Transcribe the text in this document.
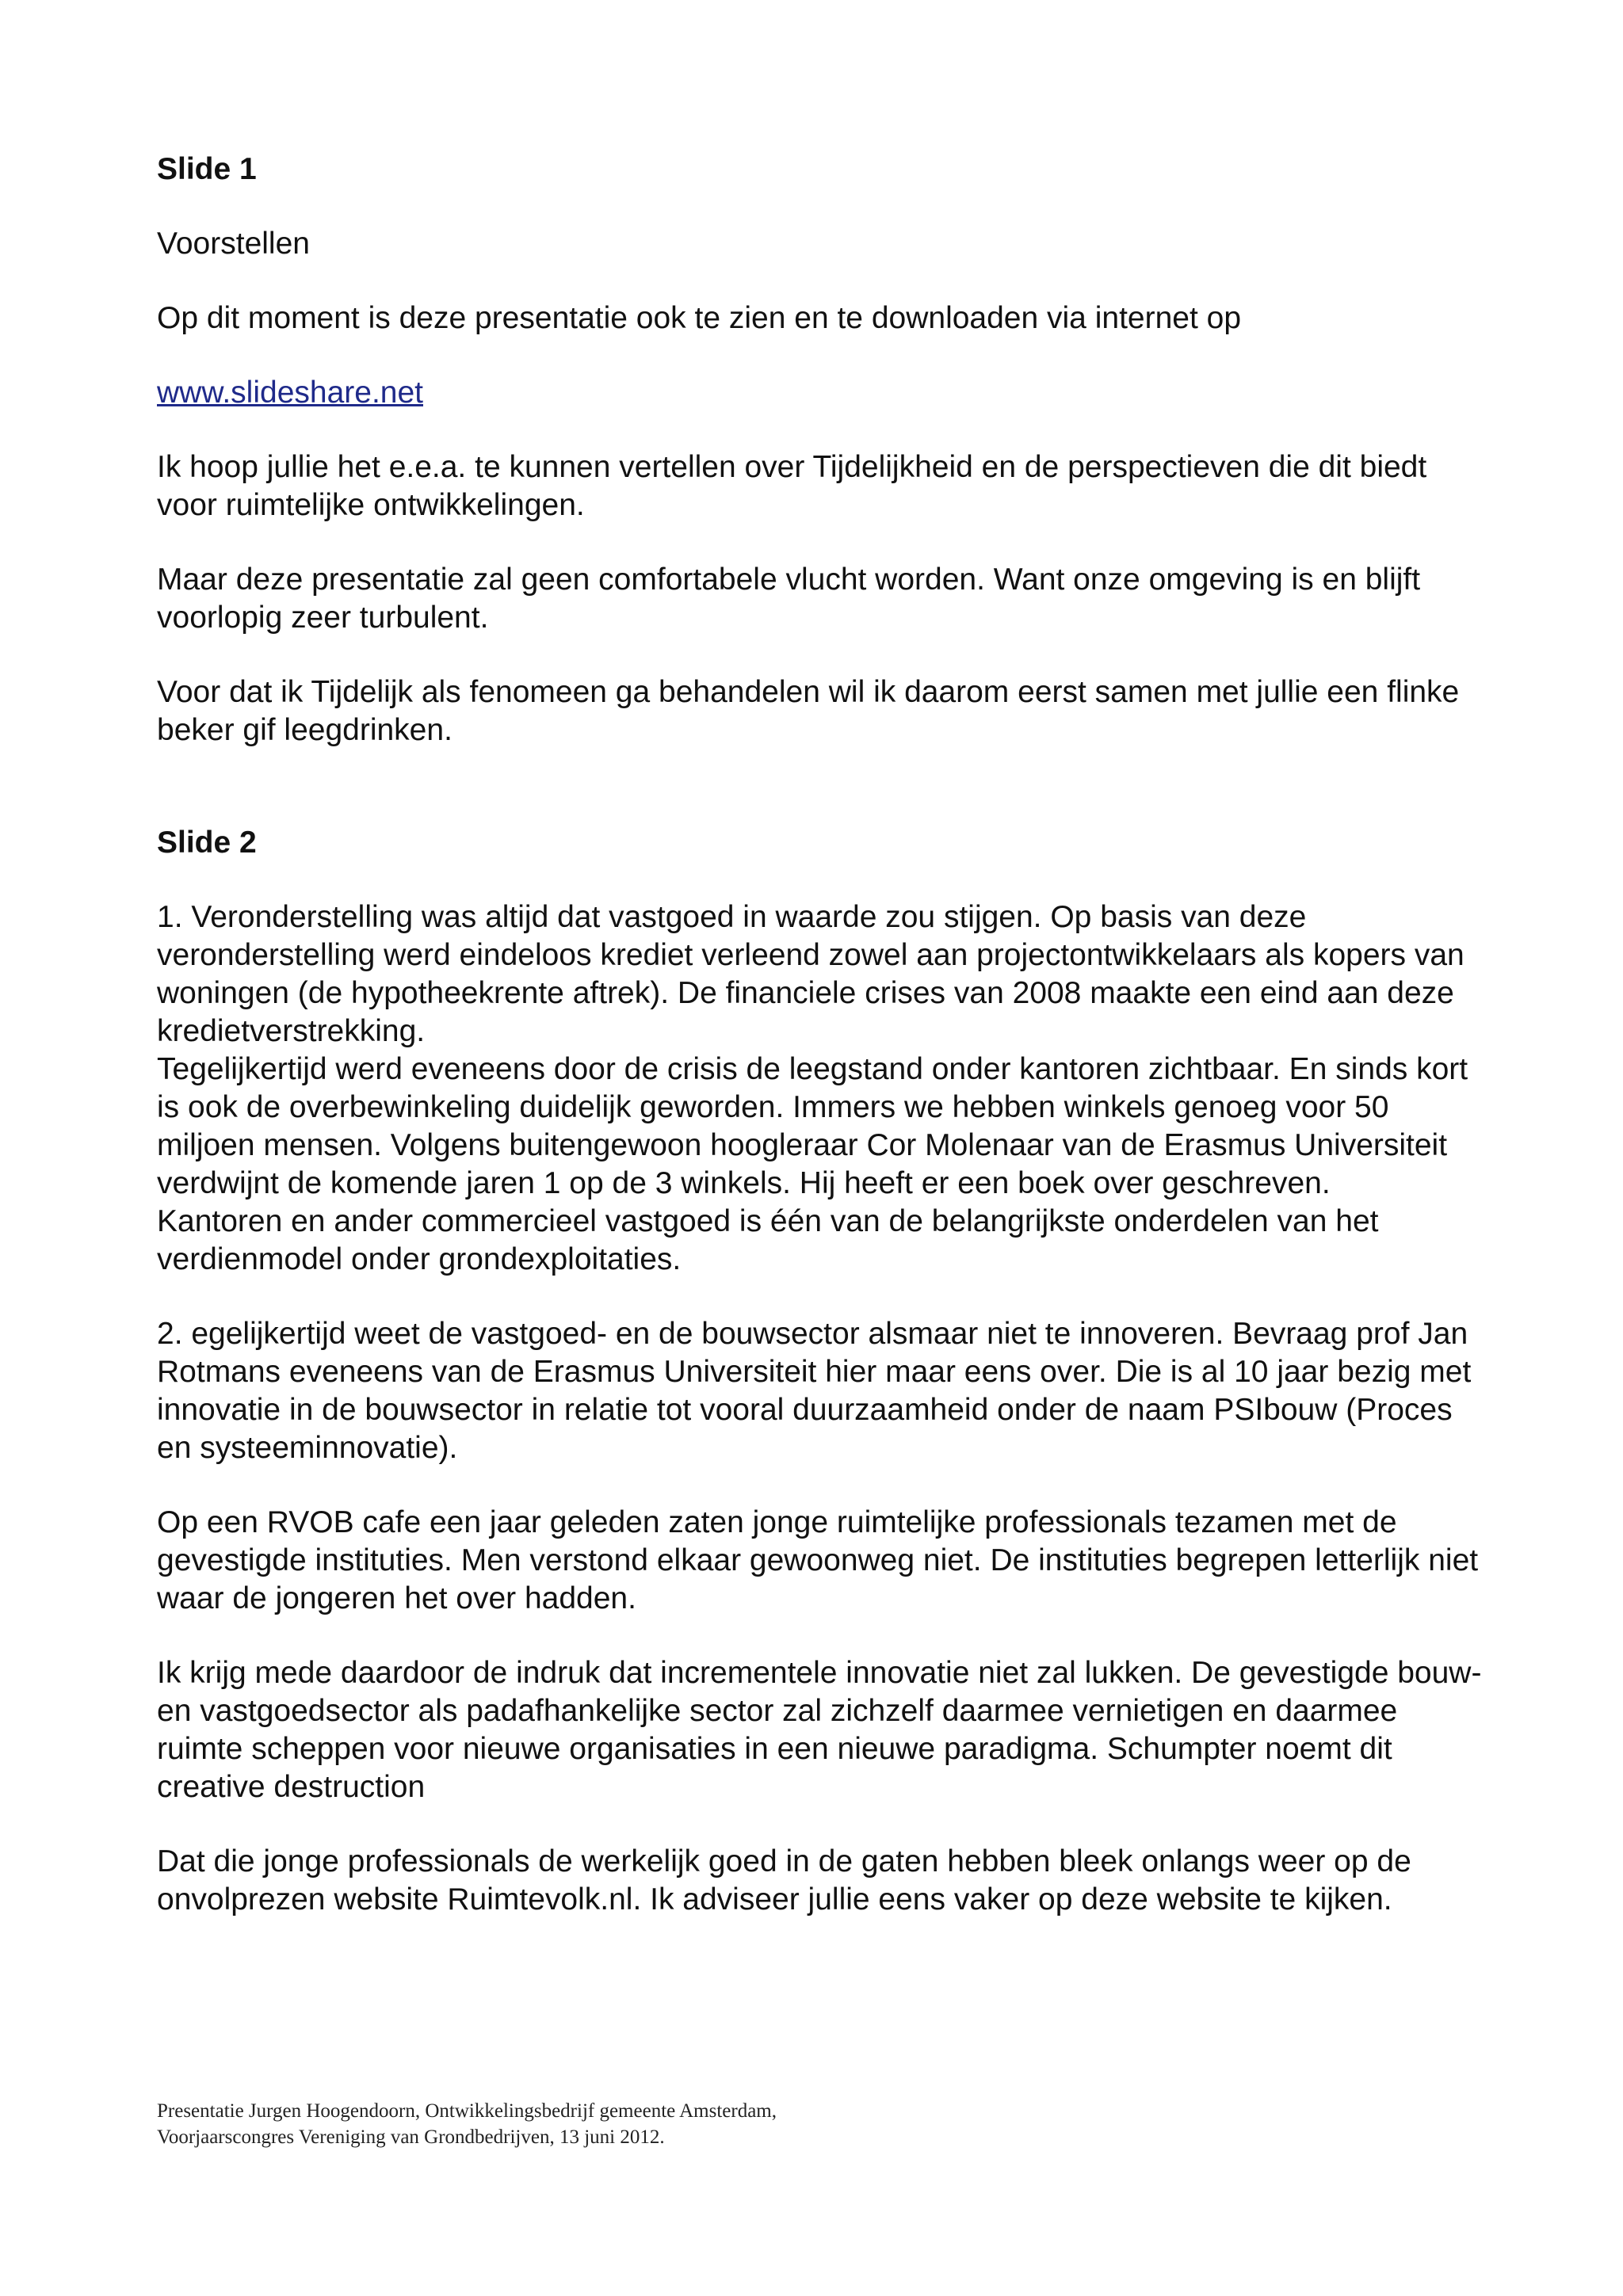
Slide 1

Voorstellen

Op dit moment is deze presentatie ook te zien en te downloaden via internet op

www.slideshare.net

Ik hoop jullie het e.e.a. te kunnen vertellen over Tijdelijkheid en de perspectieven die dit biedt voor ruimtelijke ontwikkelingen.

Maar deze presentatie zal geen comfortabele vlucht worden. Want onze omgeving is en blijft voorlopig zeer turbulent.

Voor dat ik Tijdelijk als fenomeen ga behandelen wil ik daarom eerst samen met jullie een flinke beker gif leegdrinken.

Slide 2

1. Veronderstelling was altijd dat vastgoed in waarde zou stijgen. Op basis van deze veronderstelling werd eindeloos krediet verleend zowel aan projectontwikkelaars als kopers van woningen (de hypotheekrente aftrek). De financiele crises van 2008 maakte een eind aan deze kredietverstrekking.

Tegelijkertijd werd eveneens door de crisis de leegstand onder kantoren zichtbaar. En sinds kort is ook de overbewinkeling duidelijk geworden. Immers we hebben winkels genoeg voor 50 miljoen mensen. Volgens buitengewoon hoogleraar Cor Molenaar van de Erasmus Universiteit verdwijnt de komende jaren 1 op de 3 winkels. Hij heeft er een boek over geschreven.

Kantoren en ander commercieel vastgoed is één van de belangrijkste onderdelen van het verdienmodel onder grondexploitaties.

2. egelijkertijd weet de vastgoed- en de bouwsector alsmaar niet te innoveren. Bevraag prof Jan Rotmans eveneens van de Erasmus Universiteit hier maar eens over. Die is al 10 jaar bezig met innovatie in de bouwsector in relatie tot vooral duurzaamheid onder de naam PSIbouw (Proces en systeeminnovatie).

Op een RVOB cafe een jaar geleden zaten jonge ruimtelijke professionals tezamen met de gevestigde instituties. Men verstond elkaar gewoonweg niet. De instituties begrepen letterlijk niet waar de jongeren het over hadden.

Ik krijg mede daardoor de indruk dat incrementele innovatie niet zal lukken. De gevestigde bouw- en vastgoedsector als padafhankelijke sector zal zichzelf daarmee vernietigen en daarmee ruimte scheppen voor nieuwe organisaties in een nieuwe paradigma. Schumpter noemt dit creative destruction

Dat die jonge professionals de werkelijk goed in de gaten hebben bleek onlangs weer op de onvolprezen website Ruimtevolk.nl. Ik adviseer jullie eens vaker op deze website te kijken.

Presentatie Jurgen Hoogendoorn, Ontwikkelingsbedrijf gemeente Amsterdam,
Voorjaarscongres Vereniging van Grondbedrijven, 13 juni 2012.
